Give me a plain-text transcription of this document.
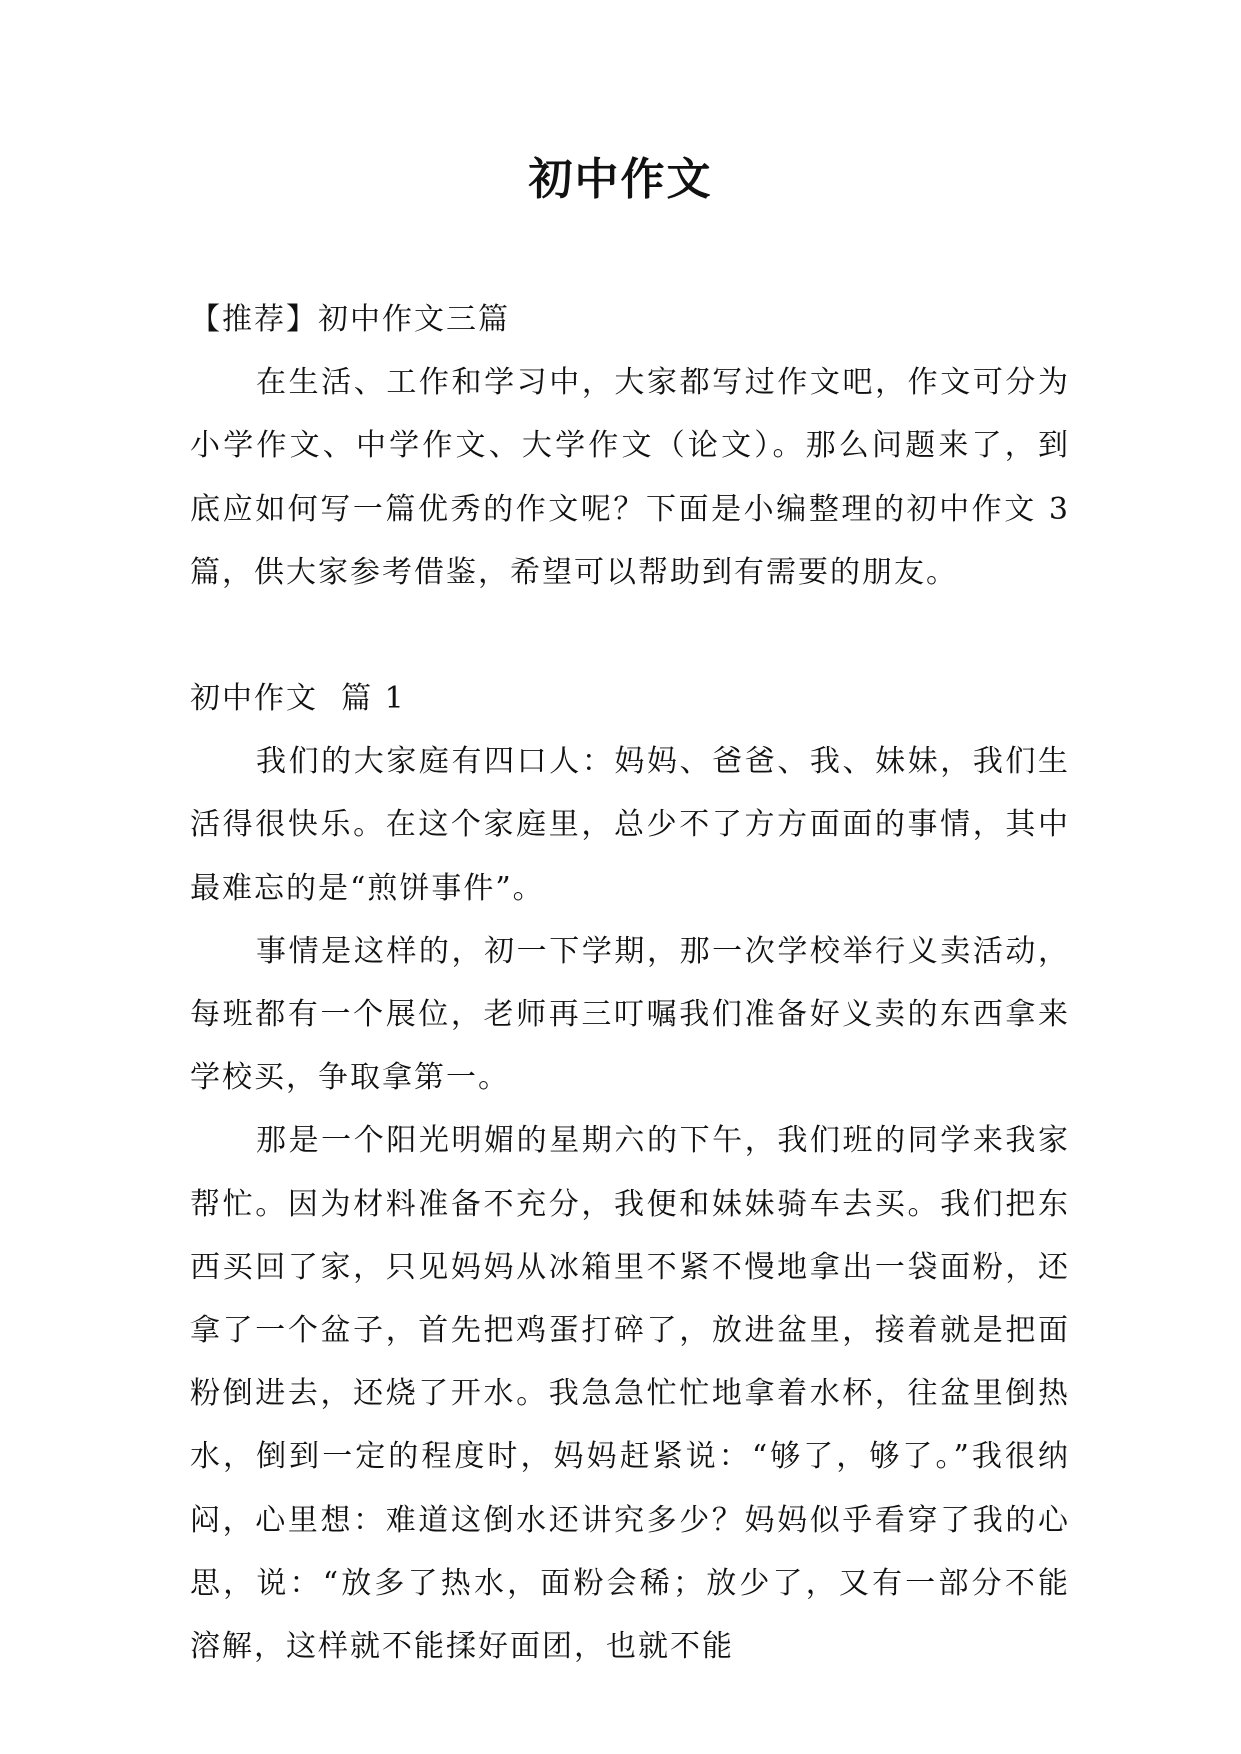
初中作文

【推荐】初中作文三篇

在生活、工作和学习中，大家都写过作文吧，作文可分为小学作文、中学作文、大学作文（论文）。那么问题来了，到底应如何写一篇优秀的作文呢？下面是小编整理的初中作文 3 篇，供大家参考借鉴，希望可以帮助到有需要的朋友。

初中作文  篇 1

我们的大家庭有四口人：妈妈、爸爸、我、妹妹，我们生活得很快乐。在这个家庭里，总少不了方方面面的事情，其中最难忘的是“煎饼事件”。

事情是这样的，初一下学期，那一次学校举行义卖活动，每班都有一个展位，老师再三叮嘱我们准备好义卖的东西拿来学校买，争取拿第一。

那是一个阳光明媚的星期六的下午，我们班的同学来我家帮忙。因为材料准备不充分，我便和妹妹骑车去买。我们把东西买回了家，只见妈妈从冰箱里不紧不慢地拿出一袋面粉，还拿了一个盆子，首先把鸡蛋打碎了，放进盆里，接着就是把面粉倒进去，还烧了开水。我急急忙忙地拿着水杯，往盆里倒热水，倒到一定的程度时，妈妈赶紧说：“够了，够了。”我很纳闷，心里想：难道这倒水还讲究多少？妈妈似乎看穿了我的心思，说：“放多了热水，面粉会稀；放少了，又有一部分不能溶解，这样就不能揉好面团，也就不能
